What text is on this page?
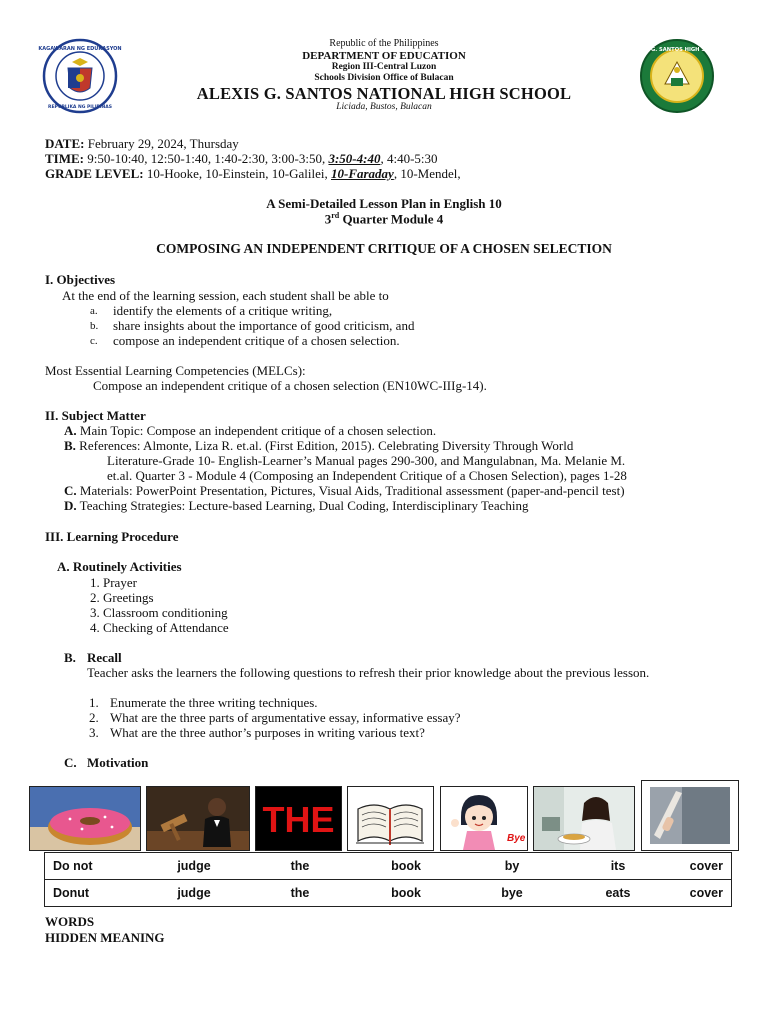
KAGAWARAN NG EDUKASYON
REPUBLIKA NG PILIPINAS
ALEXIS G. SANTOS HIGH SCHOOL
Republic of the Philippines
DEPARTMENT OF EDUCATION
Region III-Central Luzon
Schools Division Office of Bulacan
ALEXIS G. SANTOS NATIONAL HIGH SCHOOL
Liciada, Bustos, Bulacan
DATE: February 29, 2024, Thursday
TIME: 9:50-10:40, 12:50-1:40, 1:40-2:30, 3:00-3:50, 3:50-4:40, 4:40-5:30
GRADE LEVEL: 10-Hooke, 10-Einstein, 10-Galilei, 10-Faraday, 10-Mendel,
A Semi-Detailed Lesson Plan in English 10
3rd Quarter Module 4
COMPOSING AN INDEPENDENT CRITIQUE OF A CHOSEN SELECTION
I. Objectives
At the end of the learning session, each student shall be able to
a. identify the elements of a critique writing,
b. share insights about the importance of good criticism, and
c. compose an independent critique of a chosen selection.
Most Essential Learning Competencies (MELCs):
Compose an independent critique of a chosen selection (EN10WC-IIIg-14).
II. Subject Matter
A. Main Topic: Compose an independent critique of a chosen selection.
B. References: Almonte, Liza R. et.al. (First Edition, 2015). Celebrating Diversity Through World
Literature-Grade 10- English-Learner’s Manual pages 290-300, and Mangulabnan, Ma. Melanie M.
et.al. Quarter 3 - Module 4 (Composing an Independent Critique of a Chosen Selection), pages 1-28
C. Materials: PowerPoint Presentation, Pictures, Visual Aids, Traditional assessment (paper-and-pencil test)
D. Teaching Strategies: Lecture-based Learning, Dual Coding, Interdisciplinary Teaching
III. Learning Procedure
A. Routinely Activities
1. Prayer
2. Greetings
3. Classroom conditioning
4. Checking of Attendance
B. Recall
Teacher asks the learners the following questions to refresh their prior knowledge about the previous lesson.
1. Enumerate the three writing techniques.
2. What are the three parts of argumentative essay, informative essay?
3. What are the three author’s purposes in writing various text?
C. Motivation
THE	Bye
Do not	judge	the	book	by	its	cover
Donut	judge	the	book	bye	eats	cover
WORDS
HIDDEN MEANING
